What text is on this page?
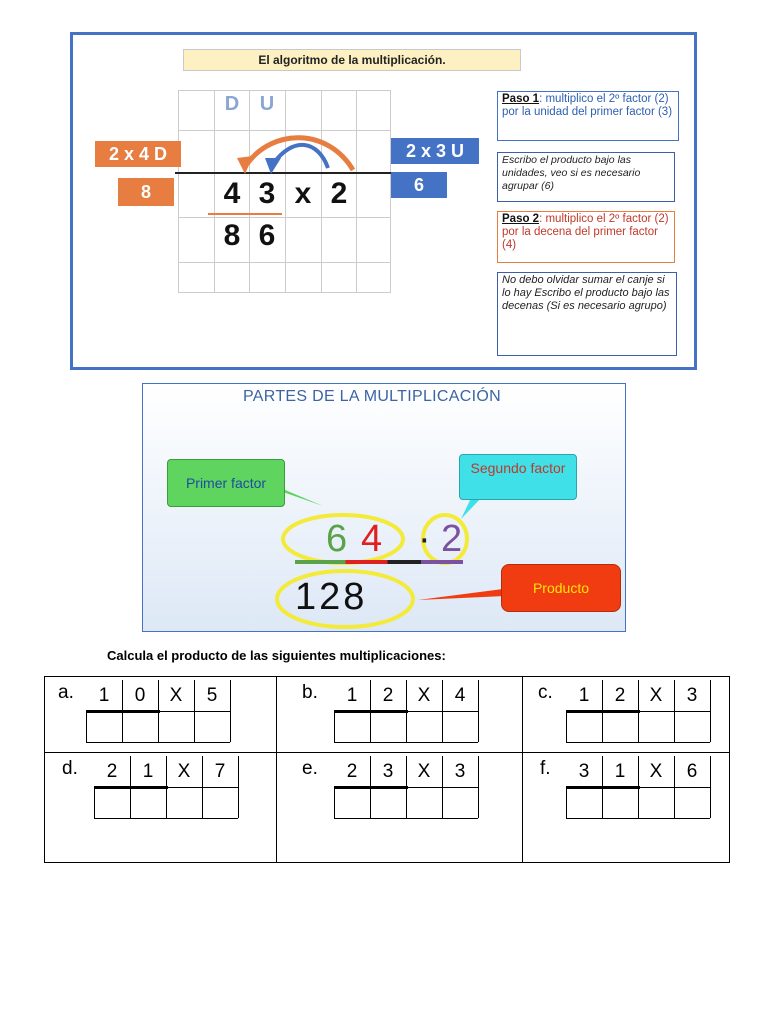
El algoritmo de la multiplicación.
D	U
4 3 x 2
8 6
2 x 4 D
8
2 x 3 U
6
Paso 1: multiplico el 2º factor (2) por la unidad del primer factor (3)
Escribo el producto bajo las unidades, veo si es necesario agrupar (6)
Paso 2: multiplico el 2º factor (2) por la decena del primer factor (4)
No debo olvidar sumar el canje si lo hay Escribo el producto bajo las decenas (Si es necesario agrupo)
PARTES DE LA MULTIPLICACIÓN
Primer factor
Segundo factor
Producto
6 4 · 2
128
Calcula el producto de las siguientes multiplicaciones:
a.	1	0	X	5	b.	1	2	X	4	c.	1	2	X	3
d.	2	1	X	7	e.	2	3	X	3	f.	3	1	X	6
